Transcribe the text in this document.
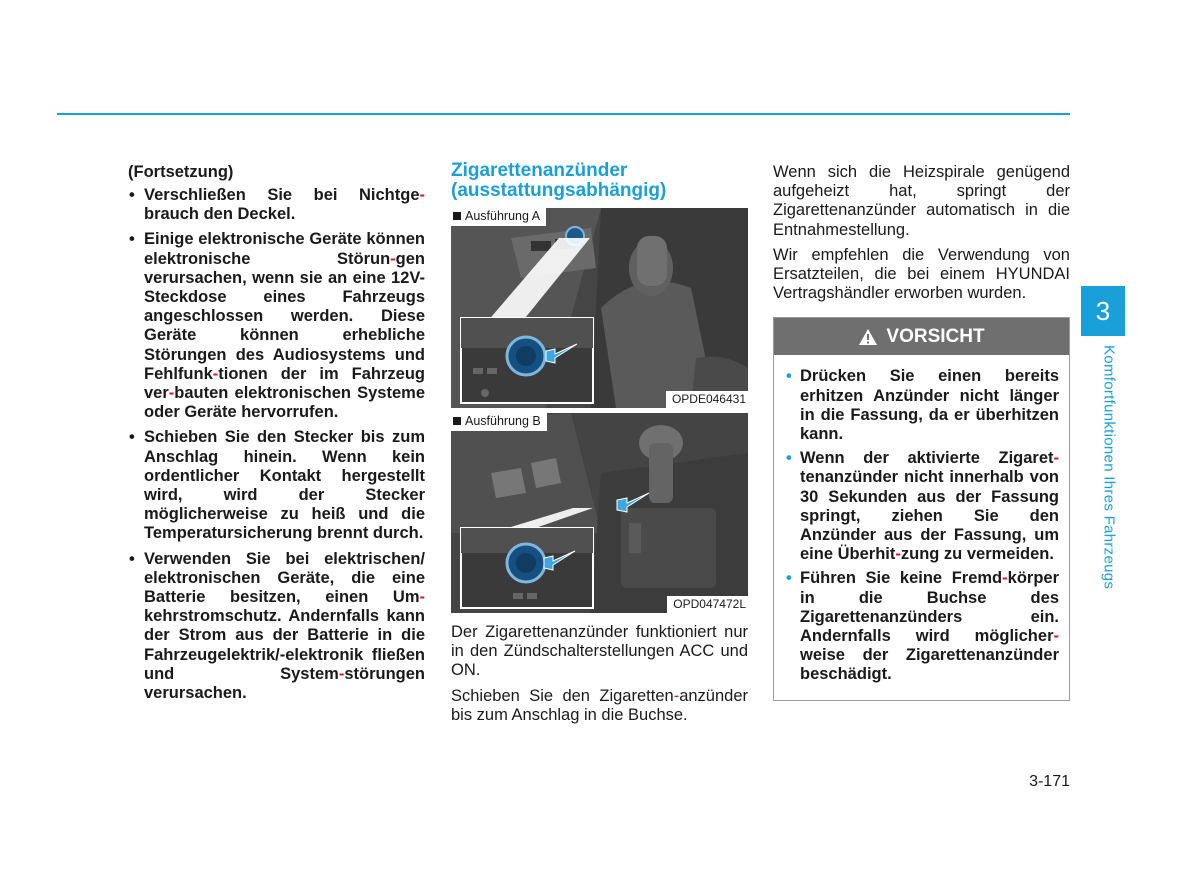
(Fortsetzung)
• Verschließen Sie bei Nichtge-brauch den Deckel.
• Einige elektronische Geräte können elektronische Störun-gen verursachen, wenn sie an eine 12V-Steckdose eines Fahrzeugs angeschlossen werden. Diese Geräte können erhebliche Störungen des Audiosystems und Fehlfunk-tionen der im Fahrzeug ver-bauten elektronischen Systeme oder Geräte hervorrufen.
• Schieben Sie den Stecker bis zum Anschlag hinein. Wenn kein ordentlicher Kontakt hergestellt wird, wird der Stecker möglicherweise zu heiß und die Temperatursicherung brennt durch.
• Verwenden Sie bei elektrischen/ elektronischen Geräte, die eine Batterie besitzen, einen Um-kehrstromschutz. Andernfalls kann der Strom aus der Batterie in die Fahrzeugelektrik/-elektronik fließen und System-störungen verursachen.
Zigarettenanzünder
(ausstattungsabhängig)
Ausführung A
OPDE046431
Ausführung B
OPD047472L

Der Zigarettenanzünder funktioniert nur in den Zündschalterstellungen ACC und ON.

Schieben Sie den Zigaretten-anzünder bis zum Anschlag in die Buchse.

Wenn sich die Heizspirale genügend aufgeheizt hat, springt der Zigarettenanzünder automatisch in die Entnahmestellung.

Wir empfehlen die Verwendung von Ersatzteilen, die bei einem HYUNDAI Vertragshändler erworben wurden.

VORSICHT
• Drücken Sie einen bereits erhitzen Anzünder nicht länger in die Fassung, da er überhitzen kann.
• Wenn der aktivierte Zigaret-tenanzünder nicht innerhalb von 30 Sekunden aus der Fassung springt, ziehen Sie den Anzünder aus der Fassung, um eine Überhit-zung zu vermeiden.
• Führen Sie keine Fremd-körper in die Buchse des Zigarettenanzünders ein. Andernfalls wird möglicher-weise der Zigarettenanzünder beschädigt.
3
Komfortfunktionen Ihres Fahrzeugs
3-171
